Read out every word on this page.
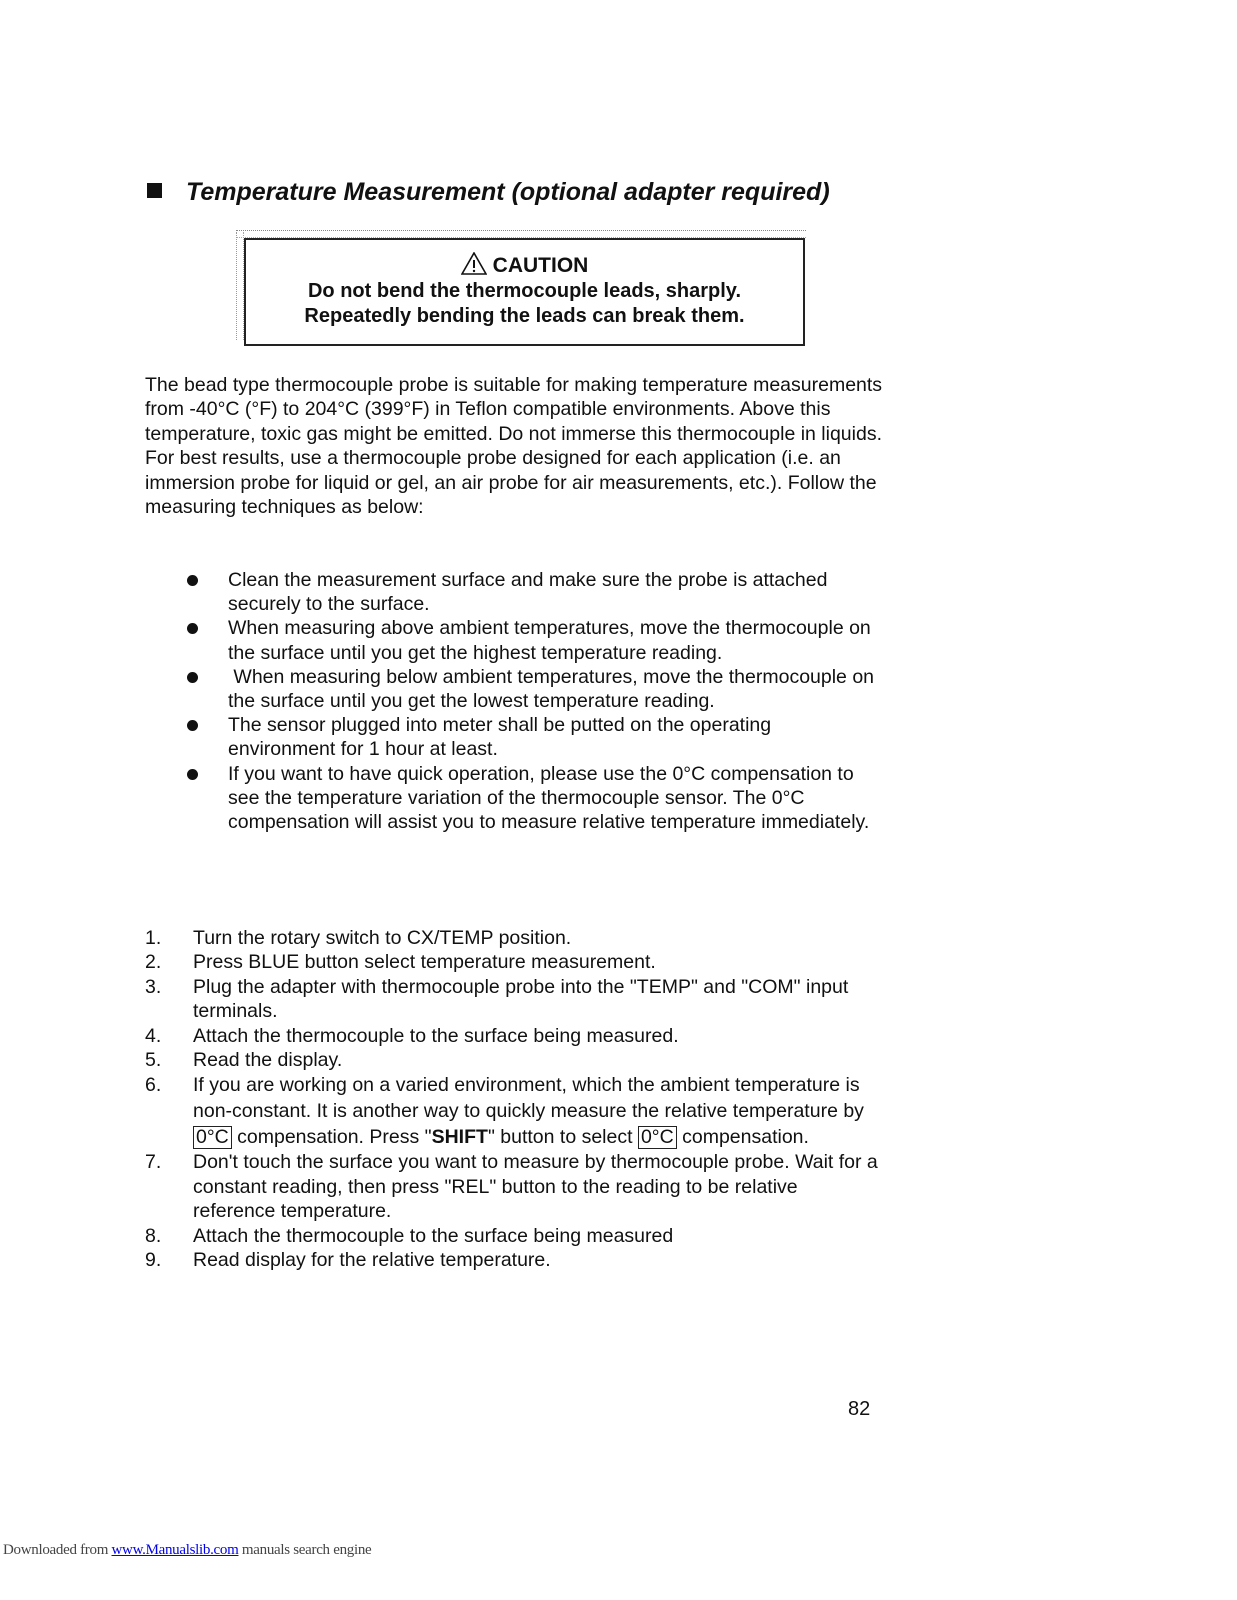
Temperature Measurement (optional adapter required)
CAUTION
Do not bend the thermocouple leads, sharply.
Repeatedly bending the leads can break them.
The bead type thermocouple probe is suitable for making temperature measurements from -40°C (°F) to 204°C (399°F) in Teflon compatible environments. Above this temperature, toxic gas might be emitted. Do not immerse this thermocouple in liquids. For best results, use a thermocouple probe designed for each application (i.e. an immersion probe for liquid or gel, an air probe for air measurements, etc.). Follow the measuring techniques as below:
Clean the measurement surface and make sure the probe is attached securely to the surface.
When measuring above ambient temperatures, move the thermocouple on the surface until you get the highest temperature reading.
When measuring below ambient temperatures, move the thermocouple on the surface until you get the lowest temperature reading.
The sensor plugged into meter shall be putted on the operating environment for 1 hour at least.
If you want to have quick operation, please use the 0°C compensation to see the temperature variation of the thermocouple sensor. The 0°C compensation will assist you to measure relative temperature immediately.
1. Turn the rotary switch to CX/TEMP position.
2. Press BLUE button select temperature measurement.
3. Plug the adapter with thermocouple probe into the "TEMP" and "COM" input terminals.
4. Attach the thermocouple to the surface being measured.
5. Read the display.
6. If you are working on a varied environment, which the ambient temperature is non-constant. It is another way to quickly measure the relative temperature by 0°C compensation. Press "SHIFT" button to select 0°C compensation.
7. Don't touch the surface you want to measure by thermocouple probe. Wait for a constant reading, then press "REL" button to the reading to be relative reference temperature.
8. Attach the thermocouple to the surface being measured
9. Read display for the relative temperature.
82
Downloaded from www.Manualslib.com manuals search engine
